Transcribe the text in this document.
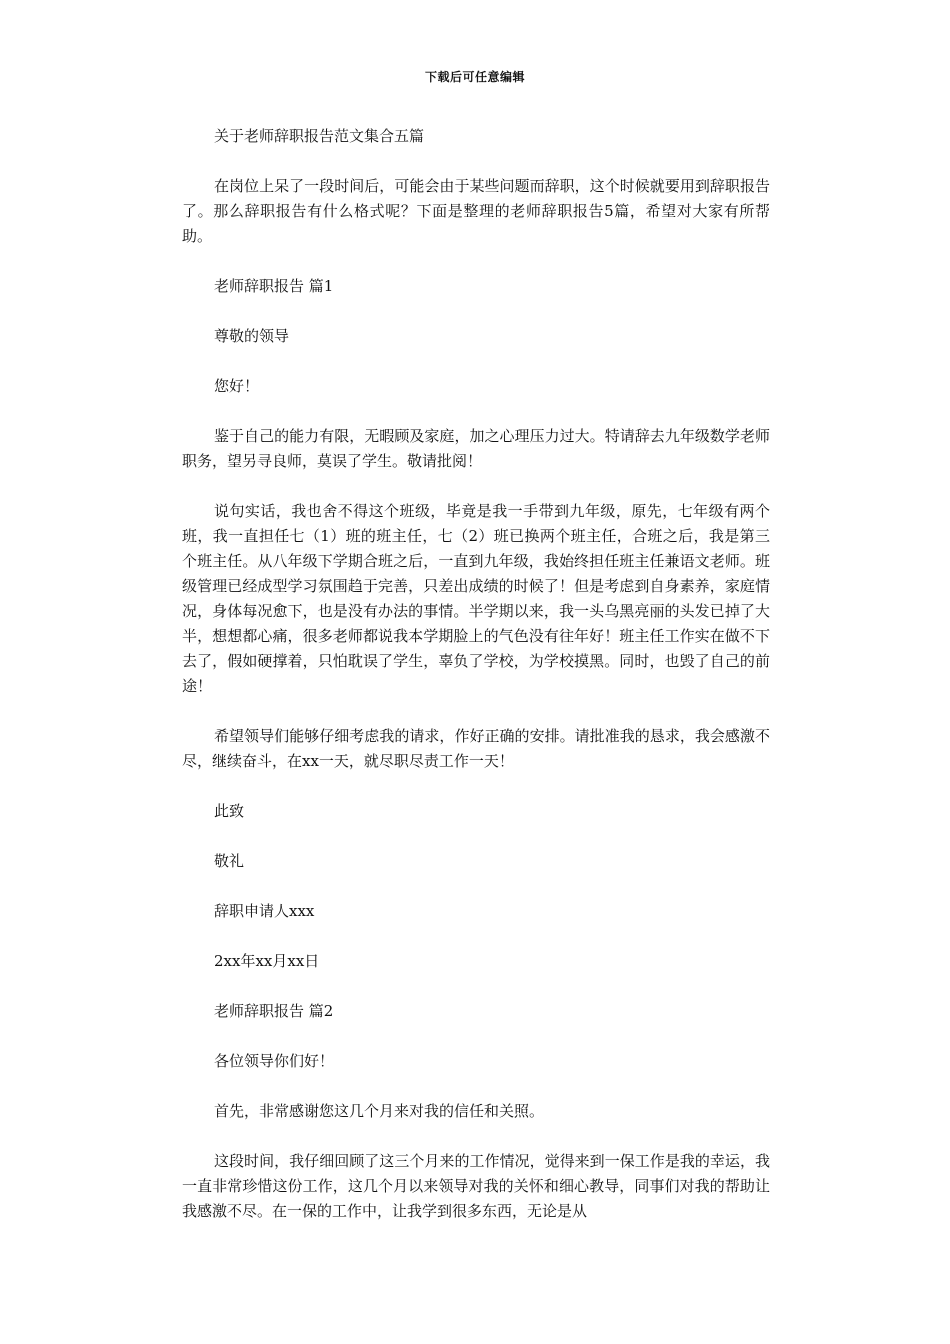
下载后可任意编辑

关于老师辞职报告范文集合五篇

在岗位上呆了一段时间后，可能会由于某些问题而辞职，这个时候就要用到辞职报告了。那么辞职报告有什么格式呢？下面是整理的老师辞职报告5篇，希望对大家有所帮助。

老师辞职报告 篇1

尊敬的领导

您好！

鉴于自己的能力有限，无暇顾及家庭，加之心理压力过大。特请辞去九年级数学老师职务，望另寻良师，莫误了学生。敬请批阅！

说句实话，我也舍不得这个班级，毕竟是我一手带到九年级，原先，七年级有两个班，我一直担任七（1）班的班主任，七（2）班已换两个班主任，合班之后，我是第三个班主任。从八年级下学期合班之后，一直到九年级，我始终担任班主任兼语文老师。班级管理已经成型学习氛围趋于完善，只差出成绩的时候了！但是考虑到自身素养，家庭情况，身体每况愈下，也是没有办法的事情。半学期以来，我一头乌黑亮丽的头发已掉了大半，想想都心痛，很多老师都说我本学期脸上的气色没有往年好！班主任工作实在做不下去了，假如硬撑着，只怕耽误了学生，辜负了学校，为学校摸黑。同时，也毁了自己的前途！

希望领导们能够仔细考虑我的请求，作好正确的安排。请批准我的恳求，我会感激不尽，继续奋斗，在xx一天，就尽职尽责工作一天！

此致

敬礼

辞职申请人xxx

2xx年xx月xx日

老师辞职报告 篇2

各位领导你们好！

首先，非常感谢您这几个月来对我的信任和关照。

这段时间，我仔细回顾了这三个月来的工作情况，觉得来到一保工作是我的幸运，我一直非常珍惜这份工作，这几个月以来领导对我的关怀和细心教导，同事们对我的帮助让我感激不尽。在一保的工作中，让我学到很多东西，无论是从
